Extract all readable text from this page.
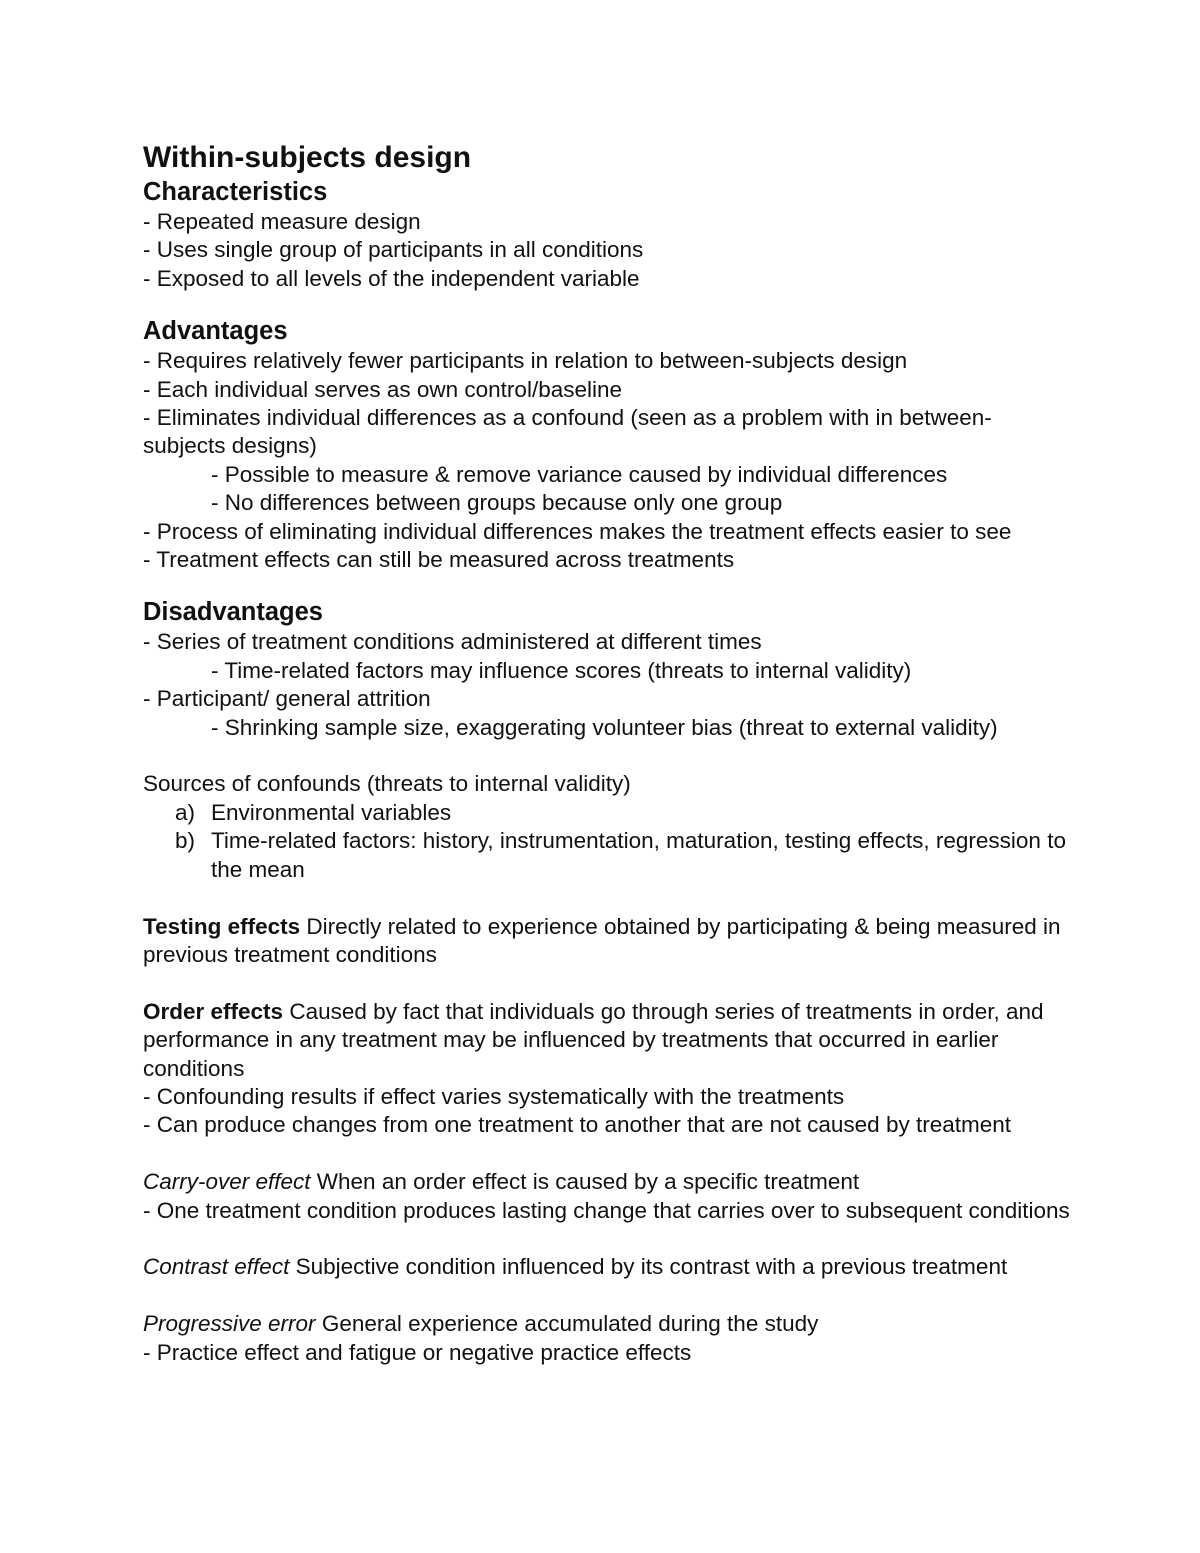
Within-subjects design
Characteristics

- Repeated measure design

- Uses single group of participants in all conditions

- Exposed to all levels of the independent variable

Advantages

- Requires relatively fewer participants in relation to between-subjects design

- Each individual serves as own control/baseline

- Eliminates individual differences as a confound (seen as a problem with in between-subjects designs)

- Possible to measure & remove variance caused by individual differences

- No differences between groups because only one group

- Process of eliminating individual differences makes the treatment effects easier to see

- Treatment effects can still be measured across treatments

Disadvantages

- Series of treatment conditions administered at different times

- Time-related factors may influence scores (threats to internal validity)

- Participant/ general attrition

- Shrinking sample size, exaggerating volunteer bias (threat to external validity)

Sources of confounds (threats to internal validity)

a) Environmental variables
b) Time-related factors: history, instrumentation, maturation, testing effects, regression to the mean

Testing effects Directly related to experience obtained by participating & being measured in previous treatment conditions

Order effects Caused by fact that individuals go through series of treatments in order, and performance in any treatment may be influenced by treatments that occurred in earlier conditions

- Confounding results if effect varies systematically with the treatments

- Can produce changes from one treatment to another that are not caused by treatment

Carry-over effect When an order effect is caused by a specific treatment

- One treatment condition produces lasting change that carries over to subsequent conditions

Contrast effect Subjective condition influenced by its contrast with a previous treatment

Progressive error General experience accumulated during the study

- Practice effect and fatigue or negative practice effects
